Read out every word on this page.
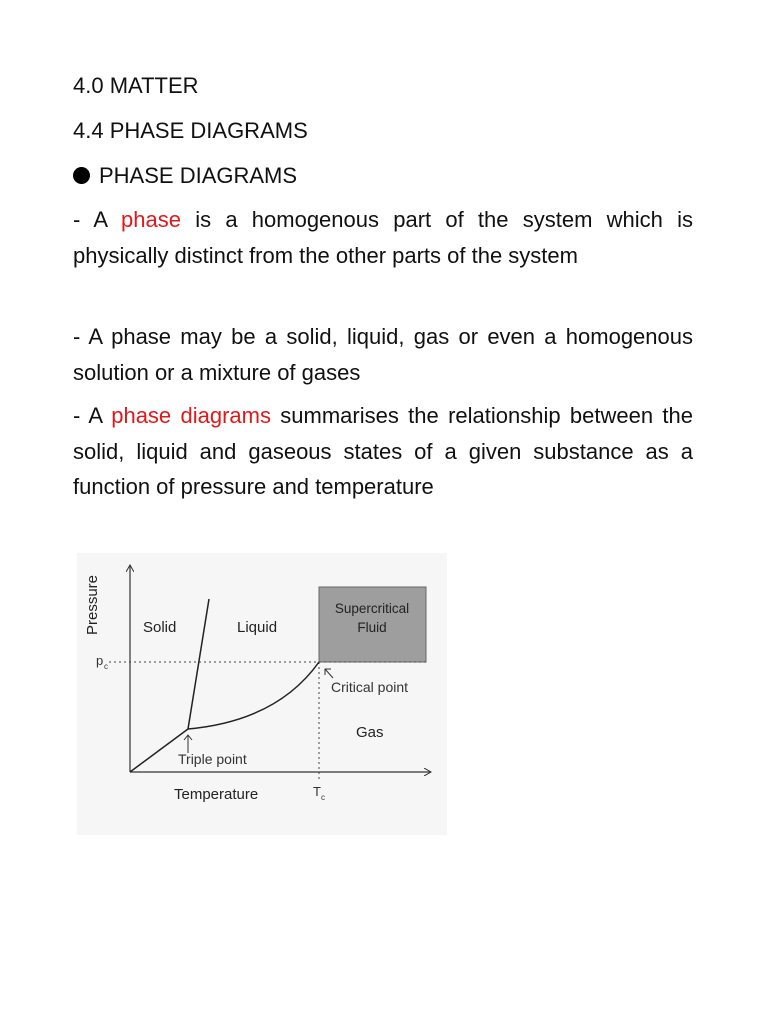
4.0 MATTER

4.4 PHASE DIAGRAMS

PHASE DIAGRAMS

- A phase is a homogenous part of the system which is physically distinct from the other parts of the system

- A phase may be a solid, liquid, gas or even a homogenous solution or a mixture of gases

- A phase diagrams summarises the relationship between the solid, liquid and gaseous states of a given substance as a function of pressure and temperature

Supercritical
Fluid
Solid	Liquid
Gas
Pressure
Temperature
p c
T c
Critical point
Triple point
